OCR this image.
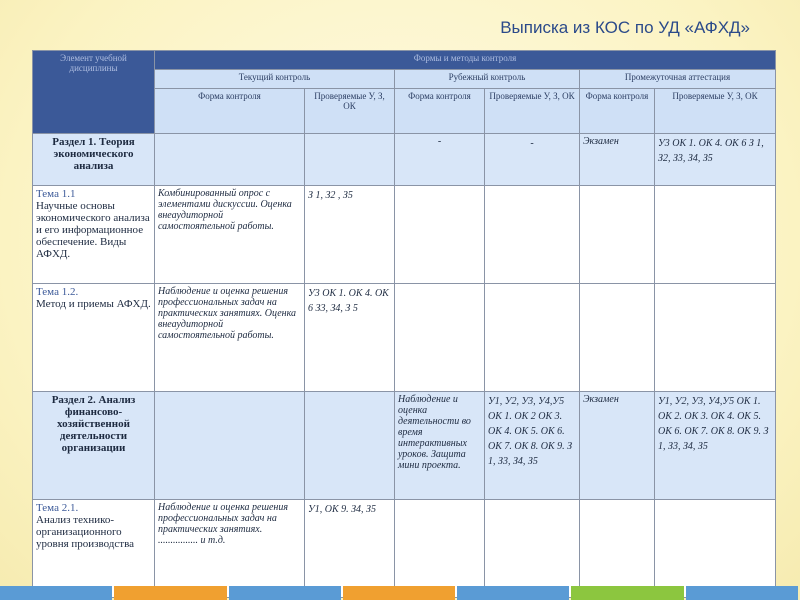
Выписка из КОС по УД «АФХД»
Элемент учебной дисциплины	Формы и методы контроля					
	Текущий контроль		Рубежный контроль		Промежуточная аттестация	
	Форма контроля	Проверяемые У, З, ОК	Форма контроля	Проверяемые У, З, ОК	Форма контроля	Проверяемые У, З, ОК
Раздел 1. Теория экономического анализа			-	-	Экзамен	У3 ОК 1. ОК 4. ОК 6 З 1, З2, З3, З4, З5
Тема 1.1
Научные основы экономического анализа и его информационное обеспечение. Виды АФХД.	Комбинированный опрос с элементами дискуссии. Оценка внеаудиторной самостоятельной работы.	З 1, З2 , З5				
Тема 1.2.
Метод и приемы АФХД.	Наблюдение и оценка решения профессиональных задач на практических занятиях. Оценка внеаудиторной самостоятельной работы.	У3 ОК 1. ОК 4. ОК 6 З3, З4, З 5				
Раздел 2. Анализ финансово-хозяйственной деятельности организации			Наблюдение и оценка деятельности во время интерактивных уроков. Защита мини проекта.	У1, У2, У3, У4,У5 ОК 1. ОК 2 ОК 3. ОК 4. ОК 5. ОК 6. ОК 7. ОК 8. ОК 9. З 1, З3, З4, З5	Экзамен	У1, У2, У3, У4,У5 ОК 1. ОК 2. ОК 3. ОК 4. ОК 5. ОК 6. ОК 7. ОК 8. ОК 9. З 1, З3, З4, З5
Тема 2.1.
Анализ технико-организационного уровня производства	Наблюдение и оценка решения профессиональных задач на практических занятиях. ................ и т.д.	У1, ОК 9. З4, З5				
